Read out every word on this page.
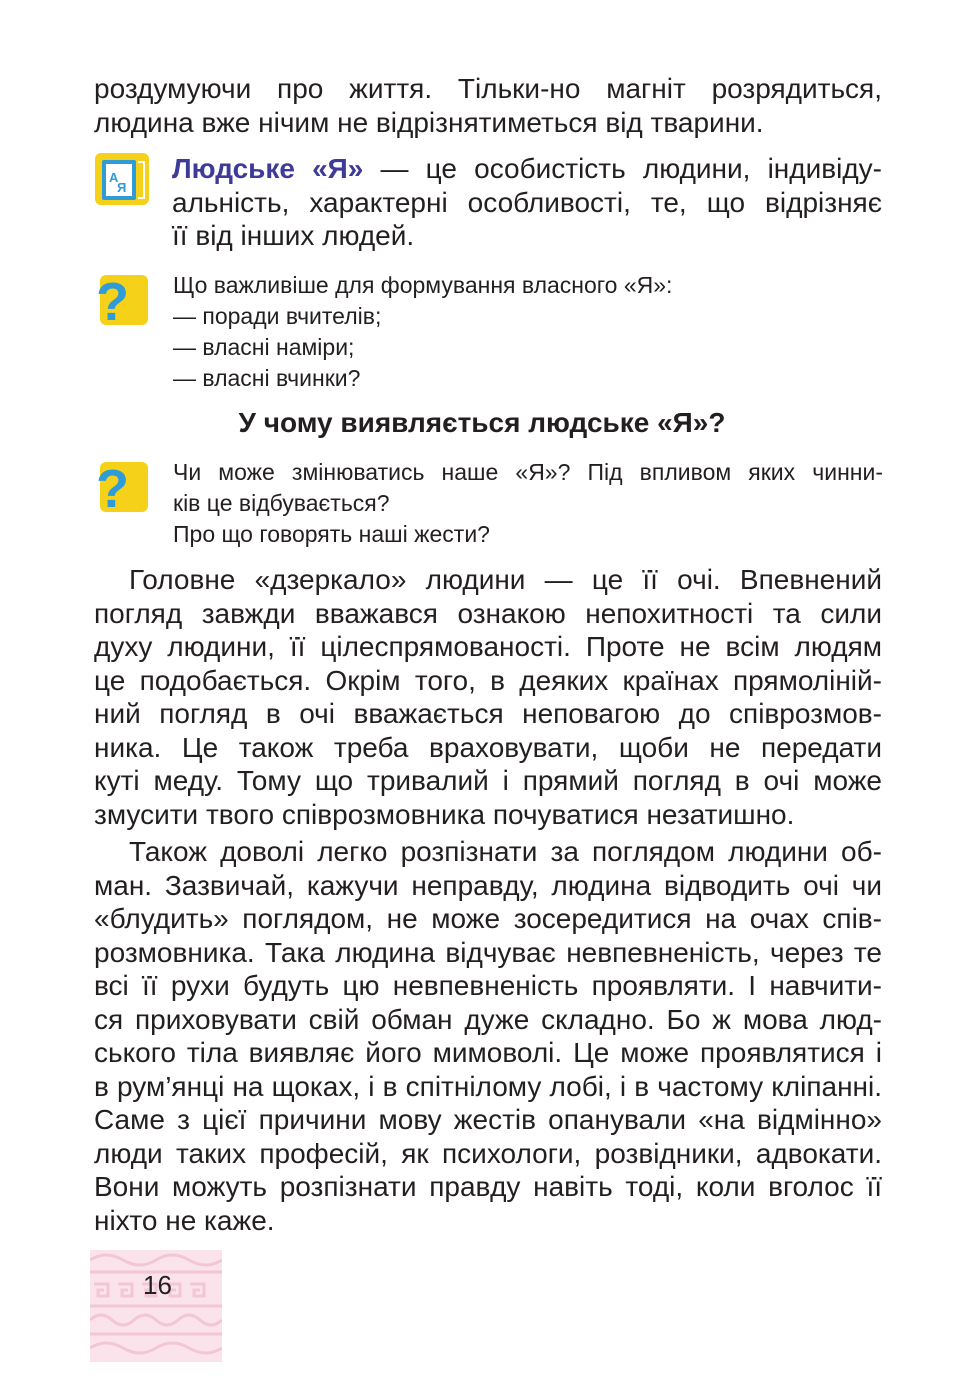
роздумуючи про життя. Тільки-но магніт розрядиться,
людина вже нічим не відрізнятиметься від тварини.
А
Я
Людське «Я» — це особистість людини, індивіду-
альність, характерні особливості, те, що відрізняє
її від інших людей.
? Що важливіше для формування власного «Я»:
— поради вчителів;
— власні наміри;
— власні вчинки?
У чому виявляється людське «Я»?
? Чи може змінюватись наше «Я»? Під впливом яких чинни-
ків це відбувається?
Про що говорять наші жести?
Головне «дзеркало» людини — це її очі. Впевнений
погляд завжди вважався ознакою непохитності та сили
духу людини, її цілеспрямованості. Проте не всім людям
це подобається. Окрім того, в деяких країнах прямоліній-
ний погляд в очі вважається неповагою до співрозмов-
ника. Це також треба враховувати, щоби не передати
куті меду. Тому що тривалий і прямий погляд в очі може
змусити твого співрозмовника почуватися незатишно.
Також доволі легко розпізнати за поглядом людини об-
ман. Зазвичай, кажучи неправду, людина відводить очі чи
«блудить» поглядом, не може зосередитися на очах спів-
розмовника. Така людина відчуває невпевненість, через те
всі її рухи будуть цю невпевненість проявляти. І навчити-
ся приховувати свій обман дуже складно. Бо ж мова люд-
ського тіла виявляє його мимоволі. Це може проявлятися і
в рум’янці на щоках, і в спітнілому лобі, і в частому кліпанні.
Саме з цієї причини мову жестів опанували «на відмінно»
люди таких професій, як психологи, розвідники, адвокати.
Вони можуть розпізнати правду навіть тоді, коли вголос її
ніхто не каже.
16
